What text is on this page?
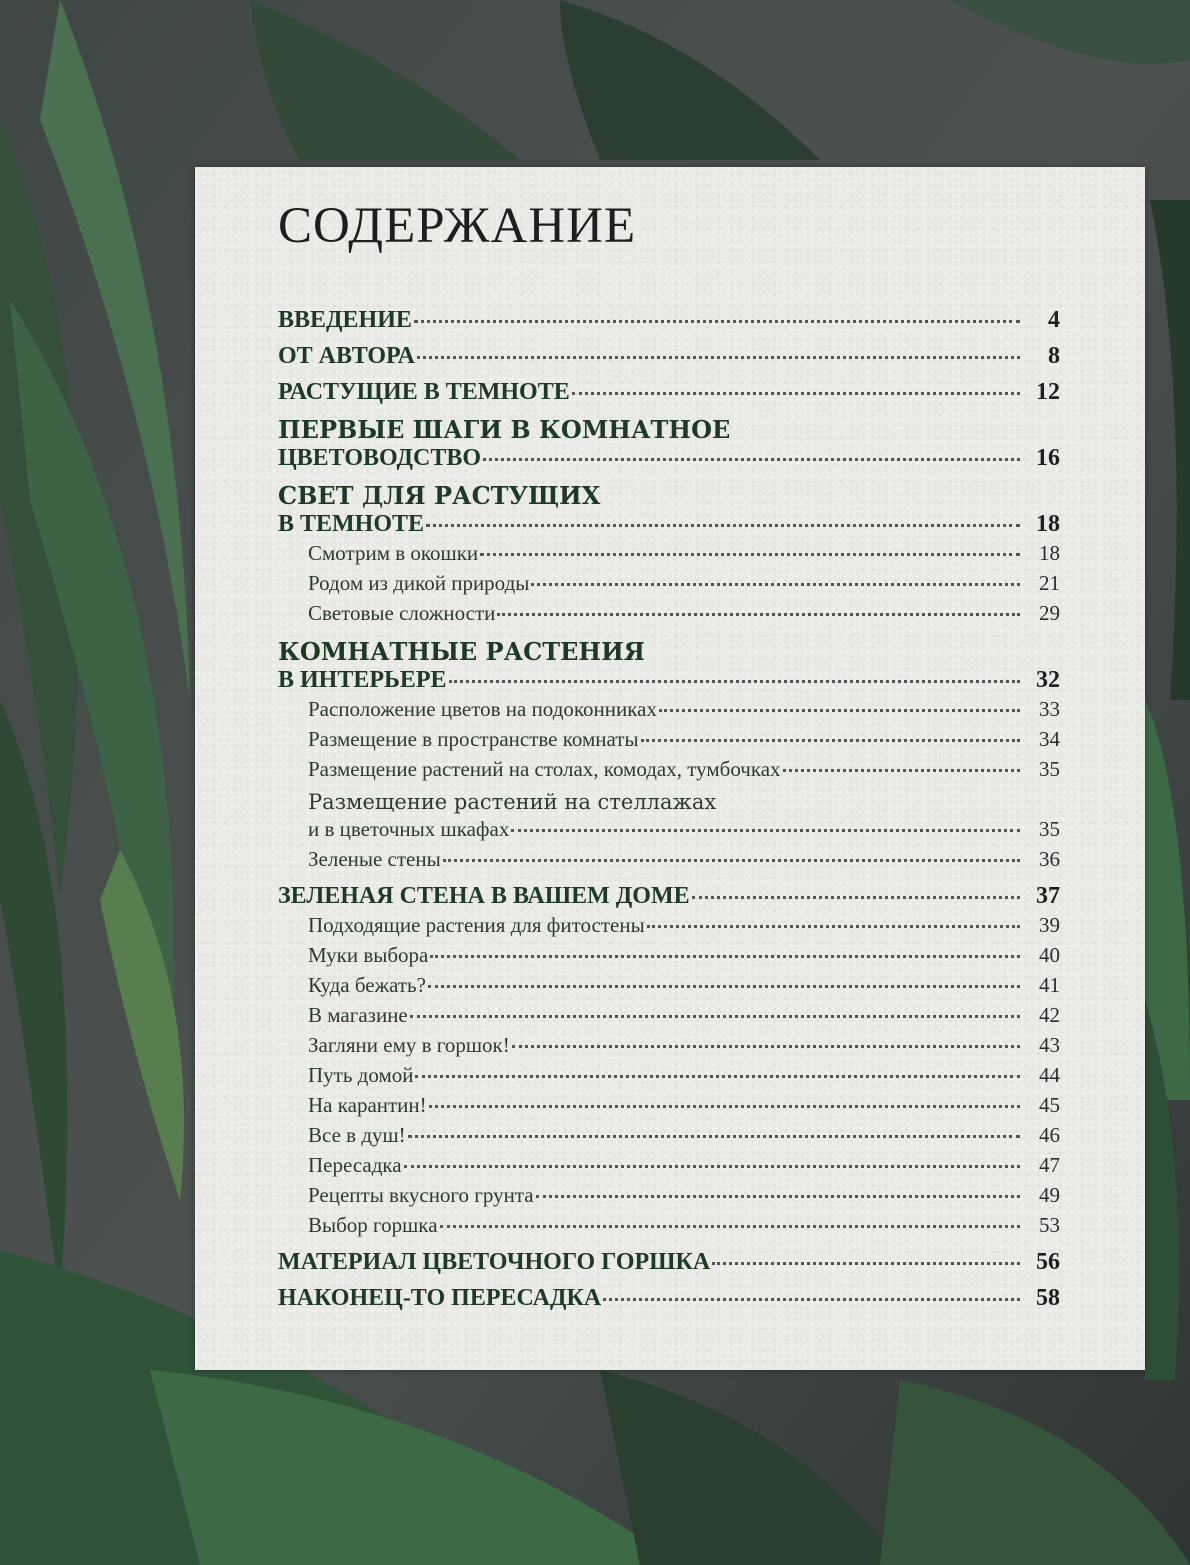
СОДЕРЖАНИЕ
ВВЕДЕНИЕ	4
ОТ АВТОРА	8
РАСТУЩИЕ В ТЕМНОТЕ	12
ПЕРВЫЕ ШАГИ В КОМНАТНОЕ
ЦВЕТОВОДСТВО	16
СВЕТ ДЛЯ РАСТУЩИХ
В ТЕМНОТЕ	18
Смотрим в окошки	18
Родом из дикой природы	21
Световые сложности	29
КОМНАТНЫЕ РАСТЕНИЯ
В ИНТЕРЬЕРЕ	32
Расположение цветов на подоконниках	33
Размещение в пространстве комнаты	34
Размещение растений на столах, комодах, тумбочках	35
Размещение растений на стеллажах
и в цветочных шкафах	35
Зеленые стены	36
ЗЕЛЕНАЯ СТЕНА В ВАШЕМ ДОМЕ	37
Подходящие растения для фитостены	39
Муки выбора	40
Куда бежать?	41
В магазине	42
Загляни ему в горшок!	43
Путь домой	44
На карантин!	45
Все в душ!	46
Пересадка	47
Рецепты вкусного грунта	49
Выбор горшка	53
МАТЕРИАЛ ЦВЕТОЧНОГО ГОРШКА	56
НАКОНЕЦ-ТО ПЕРЕСАДКА	58
